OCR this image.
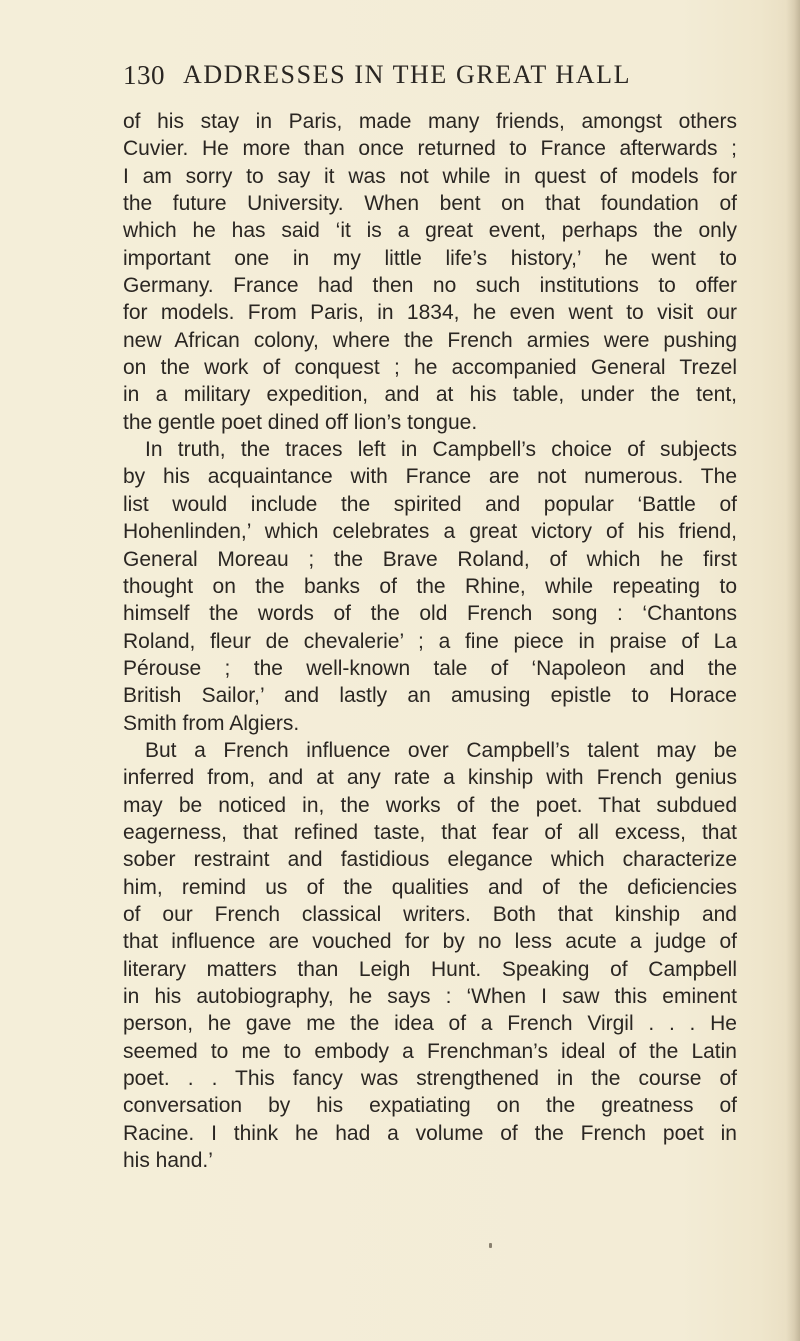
130 ADDRESSES IN THE GREAT HALL
of his stay in Paris, made many friends, amongst others
Cuvier. He more than once returned to France afterwards ;
I am sorry to say it was not while in quest of models for
the future University. When bent on that foundation of
which he has said ‘it is a great event, perhaps the only
important one in my little life’s history,’ he went to
Germany. France had then no such institutions to offer
for models. From Paris, in 1834, he even went to visit our
new African colony, where the French armies were pushing
on the work of conquest ; he accompanied General Trezel
in a military expedition, and at his table, under the tent,
the gentle poet dined off lion’s tongue.
In truth, the traces left in Campbell’s choice of subjects
by his acquaintance with France are not numerous. The
list would include the spirited and popular ‘Battle of
Hohenlinden,’ which celebrates a great victory of his friend,
General Moreau ; the Brave Roland, of which he first
thought on the banks of the Rhine, while repeating to
himself the words of the old French song : ‘Chantons
Roland, fleur de chevalerie’ ; a fine piece in praise of La
Pérouse ; the well-known tale of ‘Napoleon and the
British Sailor,’ and lastly an amusing epistle to Horace
Smith from Algiers.
But a French influence over Campbell’s talent may be
inferred from, and at any rate a kinship with French genius
may be noticed in, the works of the poet. That subdued
eagerness, that refined taste, that fear of all excess, that
sober restraint and fastidious elegance which characterize
him, remind us of the qualities and of the deficiencies
of our French classical writers. Both that kinship and
that influence are vouched for by no less acute a judge of
literary matters than Leigh Hunt. Speaking of Campbell
in his autobiography, he says : ‘When I saw this eminent
person, he gave me the idea of a French Virgil . . . He
seemed to me to embody a Frenchman’s ideal of the Latin
poet. . . This fancy was strengthened in the course of
conversation by his expatiating on the greatness of
Racine. I think he had a volume of the French poet in
his hand.’
